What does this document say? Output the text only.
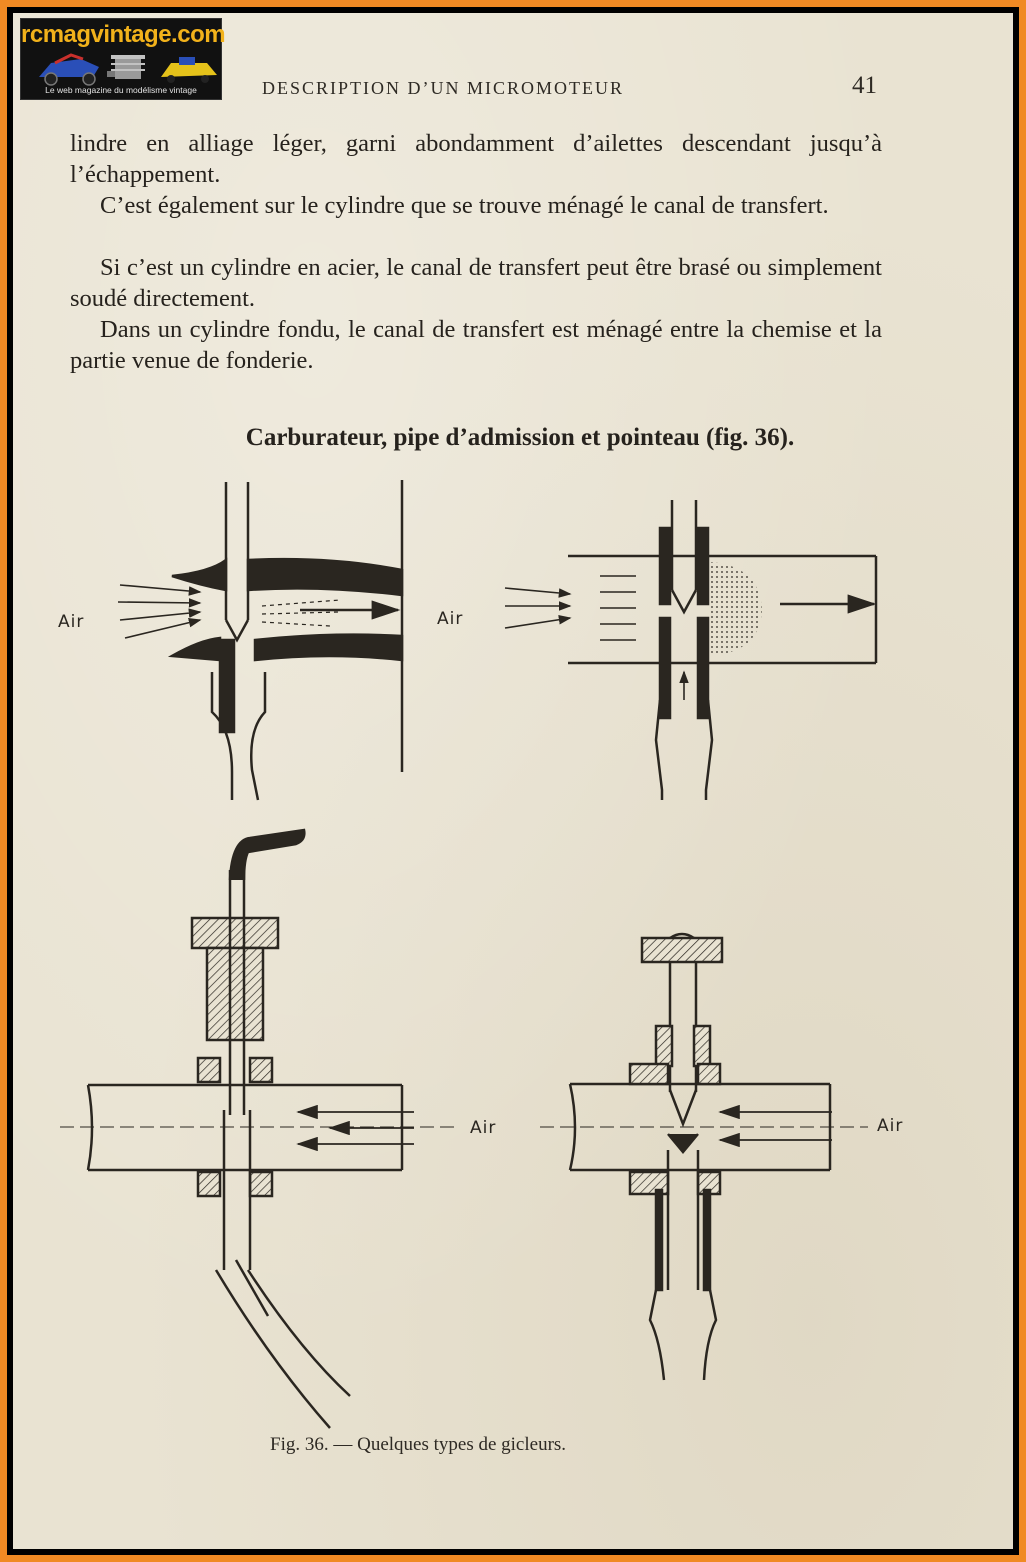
rcmagvintage.com
Le web magazine du modélisme vintage	DESCRIPTION D’UN MICROMOTEUR	41

lindre en alliage léger, garni abondamment d’ailettes descendant jusqu’à l’échappement.

C’est également sur le cylindre que se trouve ménagé le canal de transfert.

Si c’est un cylindre en acier, le canal de transfert peut être brasé ou simplement soudé directement.

Dans un cylindre fondu, le canal de transfert est ménagé entre la chemise et la partie venue de fonderie.

Carburateur, pipe d’admission et pointeau (fig. 36).
Air	Air
Air	Air
Fig. 36. — Quelques types de gicleurs.
